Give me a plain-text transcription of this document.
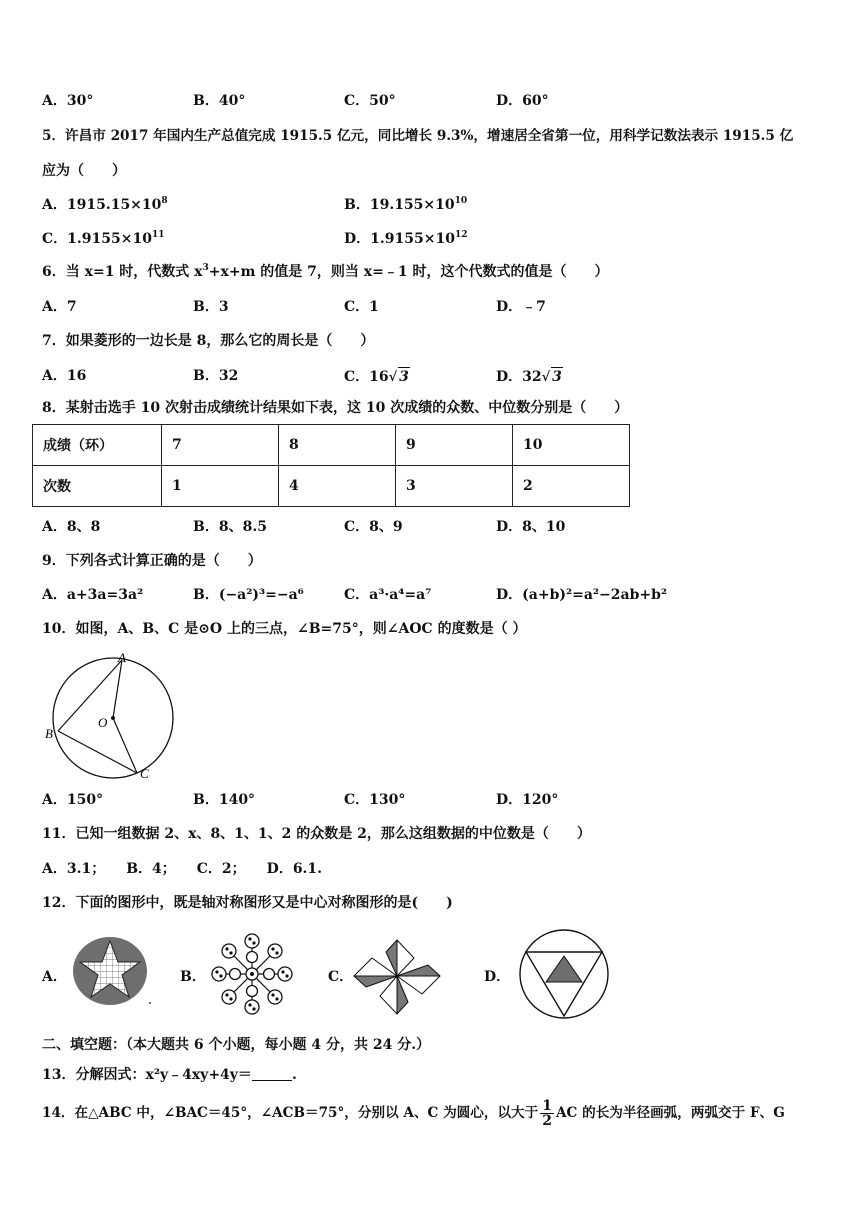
A．30°	B．40°	C．50°	D．60°
5．许昌市 2017 年国内生产总值完成 1915.5 亿元，同比增长 9.3%，增速居全省第一位，用科学记数法表示 1915.5 亿
应为（　　）
A．$1915.15\times 10^8$	B．$19.155\times 10^{10}$
C．$1.9155\times 10^{11}$	D．$1.9155\times 10^{12}$
6．当 x=1 时，代数式 $x^3+x+m$ 的值是 7，则当 x=﹣1 时，这个代数式的值是（　　）
A．7	B．3	C．1	D．﹣7
7．如果菱形的一边长是 8，那么它的周长是（　　）
A．16	B．32	C．16√ 3	D．32√ 3
8．某射击选手 10 次射击成绩统计结果如下表，这 10 次成绩的众数、中位数分别是（　　）
成绩（环）	7	8	9	10
次数	1	4	3	2
A．8、8	B．8、8.5	C．8、9	D．8、10
9．下列各式计算正确的是（　　）
A．a+3a=3a²	B．(−a²)³=−a⁶	C．a³·a⁴=a⁷	D．(a+b)²=a²−2ab+b²
10．如图，A、B、C 是⊙O 上的三点，∠B=75°，则∠AOC 的度数是（ ）
A
B
C
O
A．150°	B．140°	C．130°	D．120°
11．已知一组数据 2、x、8、1、1、2 的众数是 2，那么这组数据的中位数是（　　）
A．3.1；　　B．4；　　C．2；　　D．6.1.
12．下面的图形中，既是轴对称图形又是中心对称图形的是(　　)
A．	B．	C．	D．
二、填空题：（本大题共 6 个小题，每小题 4 分，共 24 分.）
13．分解因式：x²y﹣4xy+4y＝	.
14．在△ABC 中，∠BAC＝45°，∠ACB＝75°，分别以 A、C 为圆心，以大于 $\frac{1}{2}$ AC 的长为半径画弧，两弧交于 F、G
